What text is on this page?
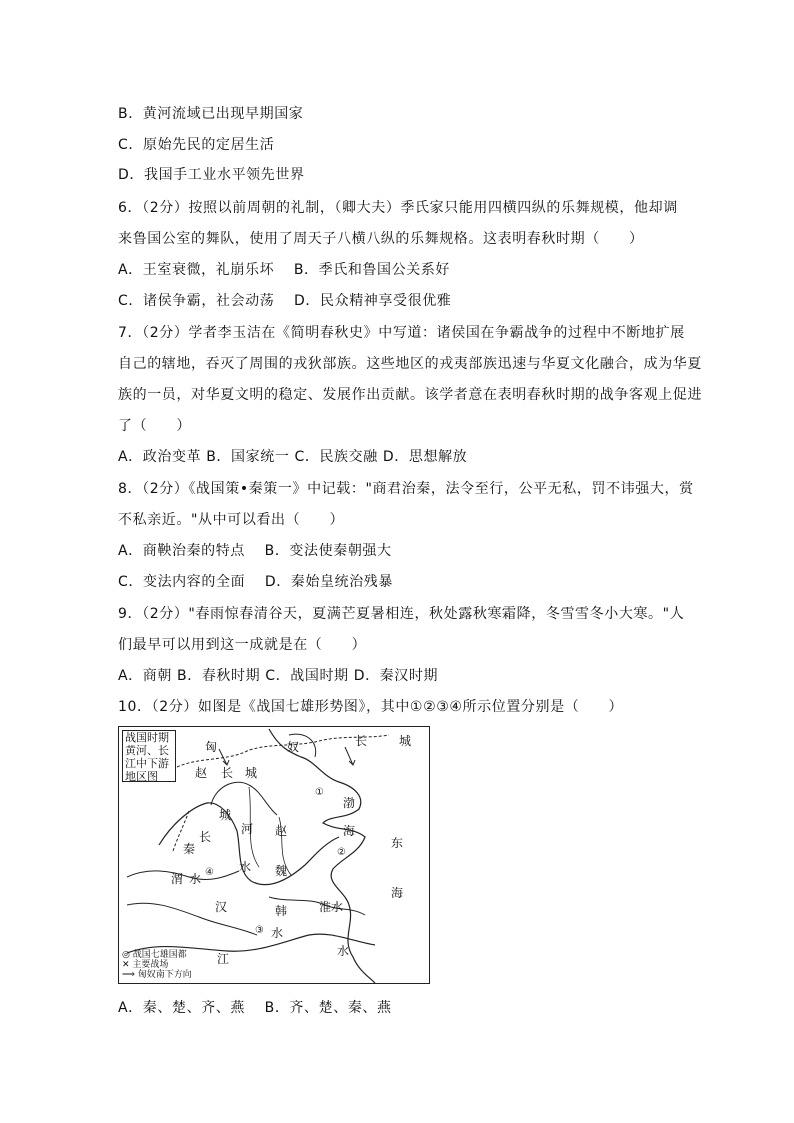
B．黄河流域已出现早期国家
C．原始先民的定居生活
D．我国手工业水平领先世界
6．（2分）按照以前周朝的礼制，（卿大夫）季氏家只能用四横四纵的乐舞规模，他却调
来鲁国公室的舞队，使用了周天子八横八纵的乐舞规格。这表明春秋时期（　　）
A．王室衰微，礼崩乐坏　 B．季氏和鲁国公关系好
C．诸侯争霸，社会动荡　 D．民众精神享受很优雅
7．（2分）学者李玉洁在《简明春秋史》中写道：诸侯国在争霸战争的过程中不断地扩展
自己的辖地，吞灭了周围的戎狄部族。这些地区的戎夷部族迅速与华夏文化融合，成为华夏
族的一员，对华夏文明的稳定、发展作出贡献。该学者意在表明春秋时期的战争客观上促进
了（　　）
A．政治变革 B．国家统一 C．民族交融 D．思想解放
8．（2分）《战国策•秦策一》中记载："商君治秦，法令至行，公平无私，罚不讳强大，赏
不私亲近。"从中可以看出（　　）
A．商鞅治秦的特点　 B．变法使秦朝强大
C．变法内容的全面　 D．秦始皇统治残暴
9．（2分）"春雨惊春清谷天，夏满芒夏暑相连，秋处露秋寒霜降，冬雪雪冬小大寒。"人
们最早可以用到这一成就是在（　　）
A．商朝 B．春秋时期 C．战国时期 D．秦汉时期
10．（2分）如图是《战国七雄形势图》，其中①②③④所示位置分别是（　　）
战国时期
黄河、长
江中下游
地区图
匈	奴	长	城
赵 长 城
渤
城
河 赵	海
长	东
秦
水 魏
渭 水
海
汉	淮水
韩
水
水
江
①
②
③
④
◎ 战国七雄国都
✕ 主要战场
⟹ 匈奴南下方向
A．秦、楚、齐、燕　 B．齐、楚、秦、燕
